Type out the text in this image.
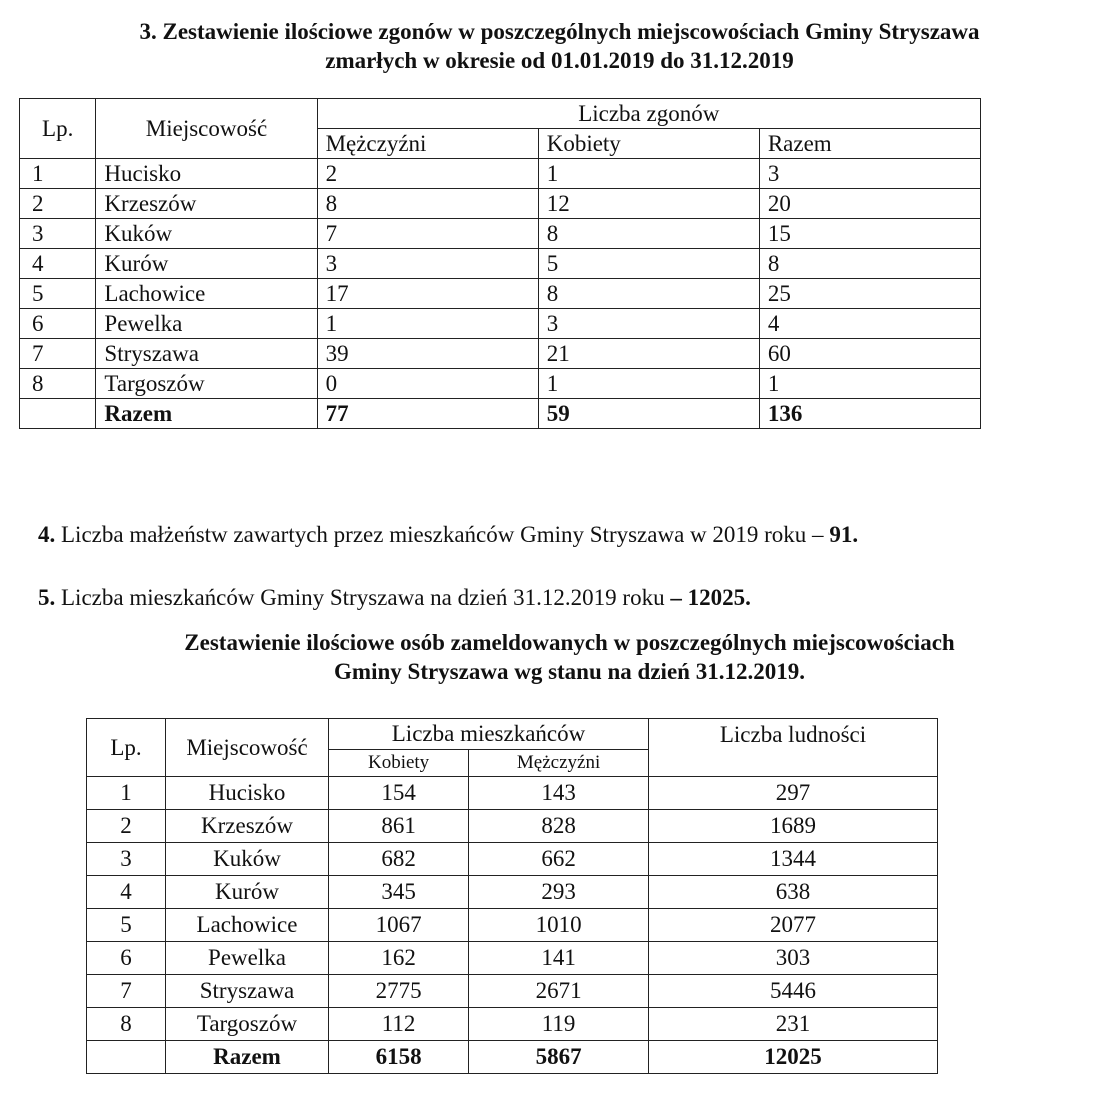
3. Zestawienie ilościowe zgonów w poszczególnych miejscowościach Gminy Stryszawa
zmarłych w okresie od 01.01.2019 do 31.12.2019
Lp.	Miejscowość	Liczba zgonów		
		Mężczyźni	Kobiety	Razem
1	Hucisko	2	1	3
2	Krzeszów	8	12	20
3	Kuków	7	8	15
4	Kurów	3	5	8
5	Lachowice	17	8	25
6	Pewelka	1	3	4
7	Stryszawa	39	21	60
8	Targoszów	0	1	1
	Razem	77	59	136
4. Liczba małżeństw zawartych przez mieszkańców Gminy Stryszawa w 2019 roku – 91.
5. Liczba mieszkańców Gminy Stryszawa na dzień 31.12.2019 roku – 12025.
Zestawienie ilościowe osób zameldowanych w poszczególnych miejscowościach
Gminy Stryszawa wg stanu na dzień 31.12.2019.
Lp.	Miejscowość	Liczba mieszkańców		Liczba ludności
		Kobiety	Mężczyźni	
1	Hucisko	154	143	297
2	Krzeszów	861	828	1689
3	Kuków	682	662	1344
4	Kurów	345	293	638
5	Lachowice	1067	1010	2077
6	Pewelka	162	141	303
7	Stryszawa	2775	2671	5446
8	Targoszów	112	119	231
	Razem	6158	5867	12025
